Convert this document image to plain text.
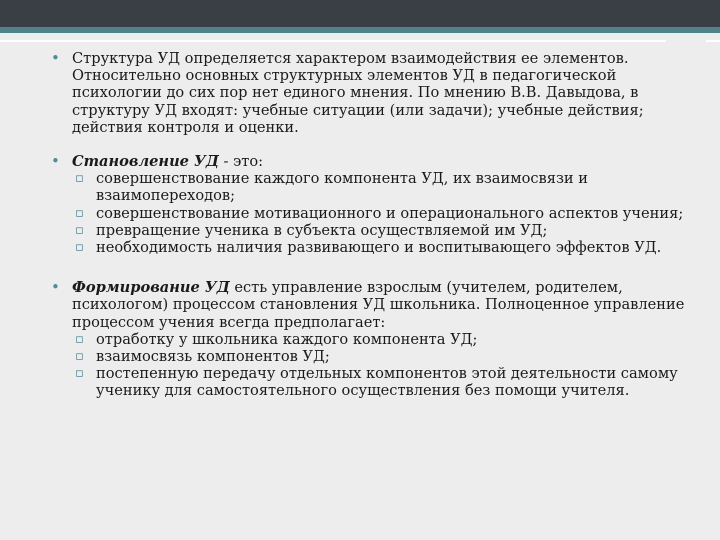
• Структура УД определяется характером взаимодействия ее элементов. Относительно основных структурных элементов УД в педагогической психологии до сих пор нет единого мнения. По мнению В.В. Давыдова, в структуру УД входят: учебные ситуации (или задачи); учебные действия; действия контроля и оценки.
• Становление УД - это:
▫ совершенствование каждого компонента УД, их взаимосвязи и взаимопереходов;
▫ совершенствование мотивационного и операционального аспектов учения;
▫ превращение ученика в субъекта осуществляемой им УД;
▫ необходимость наличия развивающего и воспитывающего эффектов УД.
• Формирование УД есть управление взрослым (учителем, родителем, психологом) процессом становления УД школьника. Полноценное управление процессом учения всегда предполагает:
▫ отработку у школьника каждого компонента УД;
▫ взаимосвязь компонентов УД;
▫ постепенную передачу отдельных компонентов этой деятельности самому ученику для самостоятельного осуществления без помощи учителя.
